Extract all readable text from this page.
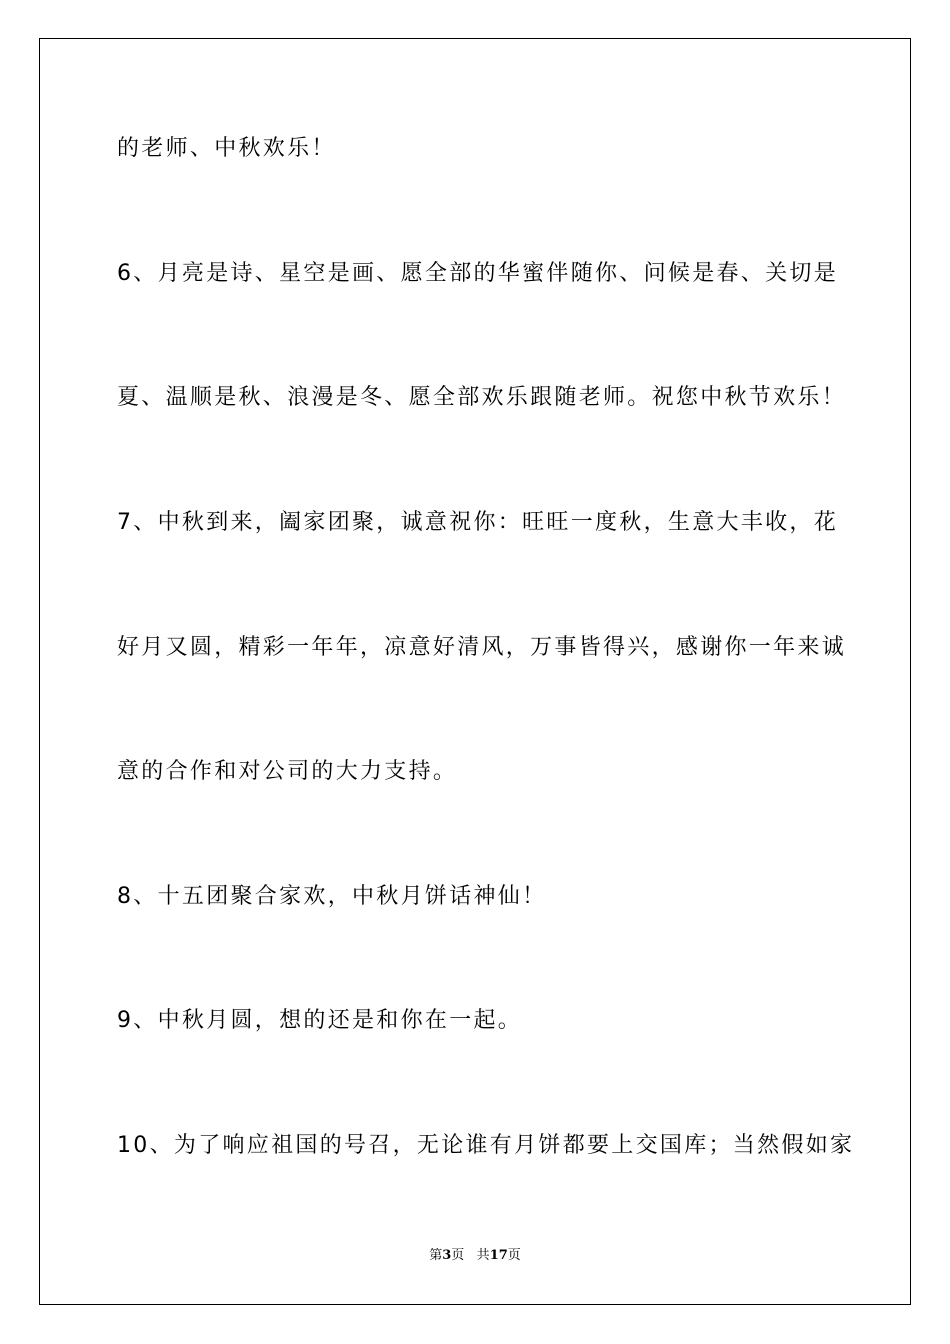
的老师、中秋欢乐！
6、月亮是诗、星空是画、愿全部的华蜜伴随你、问候是春、关切是
夏、温顺是秋、浪漫是冬、愿全部欢乐跟随老师。祝您中秋节欢乐！
7、中秋到来，阖家团聚，诚意祝你：旺旺一度秋，生意大丰收，花
好月又圆，精彩一年年，凉意好清风，万事皆得兴，感谢你一年来诚
意的合作和对公司的大力支持。
8、十五团聚合家欢，中秋月饼话神仙！
9、中秋月圆，想的还是和你在一起。
10、为了响应祖国的号召，无论谁有月饼都要上交国库；当然假如家
第3页 共17页
